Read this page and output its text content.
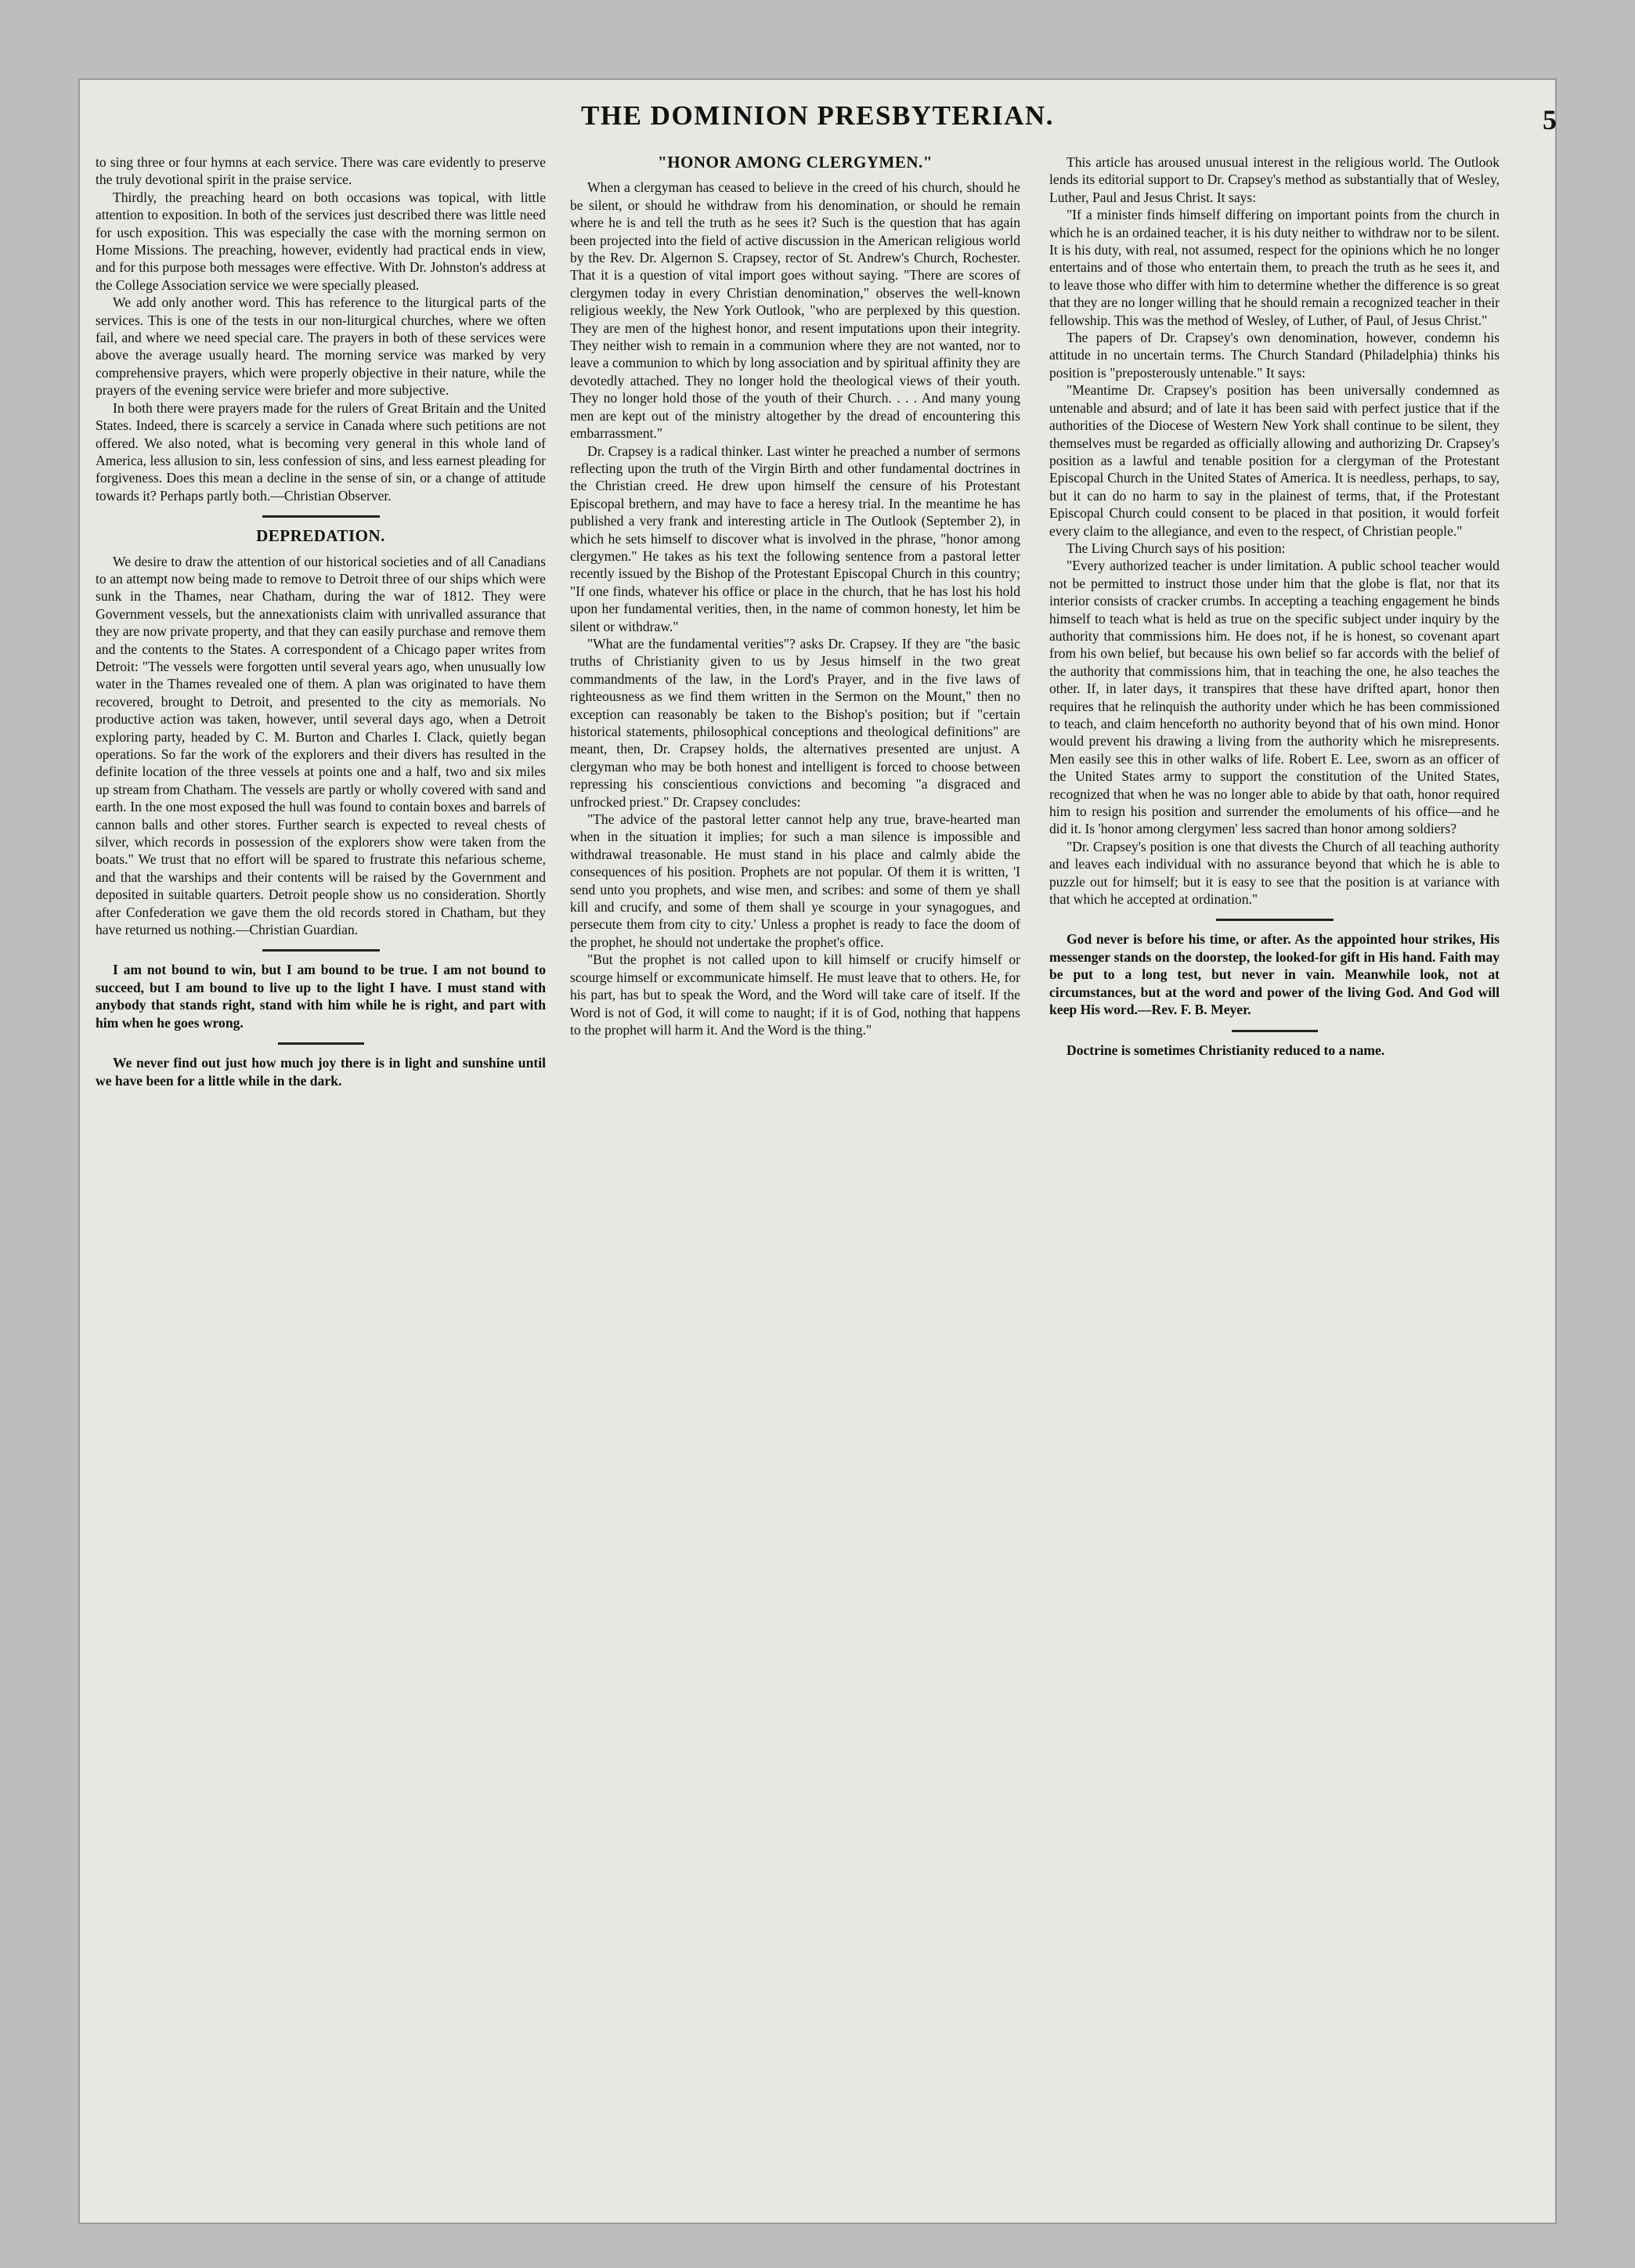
THE DOMINION PRESBYTERIAN.	5

to sing three or four hymns at each service. There was care evidently to preserve the truly devotional spirit in the praise service.

Thirdly, the preaching heard on both occasions was topical, with little attention to exposition. In both of the services just described there was little need for usch exposition. This was especially the case with the morning sermon on Home Missions. The preaching, however, evidently had practical ends in view, and for this purpose both messages were effective. With Dr. Johnston's address at the College Association service we were specially pleased.

We add only another word. This has reference to the liturgical parts of the services. This is one of the tests in our non-liturgical churches, where we often fail, and where we need special care. The prayers in both of these services were above the average usually heard. The morning service was marked by very comprehensive prayers, which were properly objective in their nature, while the prayers of the evening service were briefer and more subjective.

In both there were prayers made for the rulers of Great Britain and the United States. Indeed, there is scarcely a service in Canada where such petitions are not offered. We also noted, what is becoming very general in this whole land of America, less allusion to sin, less confession of sins, and less earnest pleading for forgiveness. Does this mean a decline in the sense of sin, or a change of attitude towards it? Perhaps partly both.—Christian Observer.

DEPREDATION.

We desire to draw the attention of our historical societies and of all Canadians to an attempt now being made to remove to Detroit three of our ships which were sunk in the Thames, near Chatham, during the war of 1812. They were Government vessels, but the annexationists claim with unrivalled assurance that they are now private property, and that they can easily purchase and remove them and the contents to the States. A correspondent of a Chicago paper writes from Detroit: "The vessels were forgotten until several years ago, when unusually low water in the Thames revealed one of them. A plan was originated to have them recovered, brought to Detroit, and presented to the city as memorials. No productive action was taken, however, until several days ago, when a Detroit exploring party, headed by C. M. Burton and Charles I. Clack, quietly began operations. So far the work of the explorers and their divers has resulted in the definite location of the three vessels at points one and a half, two and six miles up stream from Chatham. The vessels are partly or wholly covered with sand and earth. In the one most exposed the hull was found to contain boxes and barrels of cannon balls and other stores. Further search is expected to reveal chests of silver, which records in possession of the explorers show were taken from the boats." We trust that no effort will be spared to frustrate this nefarious scheme, and that the warships and their contents will be raised by the Government and deposited in suitable quarters. Detroit people show us no consideration. Shortly after Confederation we gave them the old records stored in Chatham, but they have returned us nothing.—Christian Guardian.

I am not bound to win, but I am bound to be true. I am not bound to succeed, but I am bound to live up to the light I have. I must stand with anybody that stands right, stand with him while he is right, and part with him when he goes wrong.

We never find out just how much joy there is in light and sunshine until we have been for a little while in the dark.

"HONOR AMONG CLERGYMEN."

When a clergyman has ceased to believe in the creed of his church, should he be silent, or should he withdraw from his denomination, or should he remain where he is and tell the truth as he sees it? Such is the question that has again been projected into the field of active discussion in the American religious world by the Rev. Dr. Algernon S. Crapsey, rector of St. Andrew's Church, Rochester. That it is a question of vital import goes without saying. "There are scores of clergymen today in every Christian denomination," observes the well-known religious weekly, the New York Outlook, "who are perplexed by this question. They are men of the highest honor, and resent imputations upon their integrity. They neither wish to remain in a communion where they are not wanted, nor to leave a communion to which by long association and by spiritual affinity they are devotedly attached. They no longer hold the theological views of their youth. They no longer hold those of the youth of their Church. . . . And many young men are kept out of the ministry altogether by the dread of encountering this embarrassment."

Dr. Crapsey is a radical thinker. Last winter he preached a number of sermons reflecting upon the truth of the Virgin Birth and other fundamental doctrines in the Christian creed. He drew upon himself the censure of his Protestant Episcopal brethern, and may have to face a heresy trial. In the meantime he has published a very frank and interesting article in The Outlook (September 2), in which he sets himself to discover what is involved in the phrase, "honor among clergymen." He takes as his text the following sentence from a pastoral letter recently issued by the Bishop of the Protestant Episcopal Church in this country; "If one finds, whatever his office or place in the church, that he has lost his hold upon her fundamental verities, then, in the name of common honesty, let him be silent or withdraw."

"What are the fundamental verities"? asks Dr. Crapsey. If they are "the basic truths of Christianity given to us by Jesus himself in the two great commandments of the law, in the Lord's Prayer, and in the five laws of righteousness as we find them written in the Sermon on the Mount," then no exception can reasonably be taken to the Bishop's position; but if "certain historical statements, philosophical conceptions and theological definitions" are meant, then, Dr. Crapsey holds, the alternatives presented are unjust. A clergyman who may be both honest and intelligent is forced to choose between repressing his conscientious convictions and becoming "a disgraced and unfrocked priest." Dr. Crapsey concludes:

"The advice of the pastoral letter cannot help any true, brave-hearted man when in the situation it implies; for such a man silence is impossible and withdrawal treasonable. He must stand in his place and calmly abide the consequences of his position. Prophets are not popular. Of them it is written, 'I send unto you prophets, and wise men, and scribes: and some of them ye shall kill and crucify, and some of them shall ye scourge in your synagogues, and persecute them from city to city.' Unless a prophet is ready to face the doom of the prophet, he should not undertake the prophet's office.

"But the prophet is not called upon to kill himself or crucify himself or scourge himself or excommunicate himself. He must leave that to others. He, for his part, has but to speak the Word, and the Word will take care of itself. If the Word is not of God, it will come to naught; if it is of God, nothing that happens to the prophet will harm it. And the Word is the thing."

This article has aroused unusual interest in the religious world. The Outlook lends its editorial support to Dr. Crapsey's method as substantially that of Wesley, Luther, Paul and Jesus Christ. It says:

"If a minister finds himself differing on important points from the church in which he is an ordained teacher, it is his duty neither to withdraw nor to be silent. It is his duty, with real, not assumed, respect for the opinions which he no longer entertains and of those who entertain them, to preach the truth as he sees it, and to leave those who differ with him to determine whether the difference is so great that they are no longer willing that he should remain a recognized teacher in their fellowship. This was the method of Wesley, of Luther, of Paul, of Jesus Christ."

The papers of Dr. Crapsey's own denomination, however, condemn his attitude in no uncertain terms. The Church Standard (Philadelphia) thinks his position is "preposterously untenable." It says:

"Meantime Dr. Crapsey's position has been universally condemned as untenable and absurd; and of late it has been said with perfect justice that if the authorities of the Diocese of Western New York shall continue to be silent, they themselves must be regarded as officially allowing and authorizing Dr. Crapsey's position as a lawful and tenable position for a clergyman of the Protestant Episcopal Church in the United States of America. It is needless, perhaps, to say, but it can do no harm to say in the plainest of terms, that, if the Protestant Episcopal Church could consent to be placed in that position, it would forfeit every claim to the allegiance, and even to the respect, of Christian people."

The Living Church says of his position:

"Every authorized teacher is under limitation. A public school teacher would not be permitted to instruct those under him that the globe is flat, nor that its interior consists of cracker crumbs. In accepting a teaching engagement he binds himself to teach what is held as true on the specific subject under inquiry by the authority that commissions him. He does not, if he is honest, so covenant apart from his own belief, but because his own belief so far accords with the belief of the authority that commissions him, that in teaching the one, he also teaches the other. If, in later days, it transpires that these have drifted apart, honor then requires that he relinquish the authority under which he has been commissioned to teach, and claim henceforth no authority beyond that of his own mind. Honor would prevent his drawing a living from the authority which he misrepresents. Men easily see this in other walks of life. Robert E. Lee, sworn as an officer of the United States army to support the constitution of the United States, recognized that when he was no longer able to abide by that oath, honor required him to resign his position and surrender the emoluments of his office—and he did it. Is 'honor among clergymen' less sacred than honor among soldiers?

"Dr. Crapsey's position is one that divests the Church of all teaching authority and leaves each individual with no assurance beyond that which he is able to puzzle out for himself; but it is easy to see that the position is at variance with that which he accepted at ordination."

God never is before his time, or after. As the appointed hour strikes, His messenger stands on the doorstep, the looked-for gift in His hand. Faith may be put to a long test, but never in vain. Meanwhile look, not at circumstances, but at the word and power of the living God. And God will keep His word.—Rev. F. B. Meyer.

Doctrine is sometimes Christianity reduced to a name.
